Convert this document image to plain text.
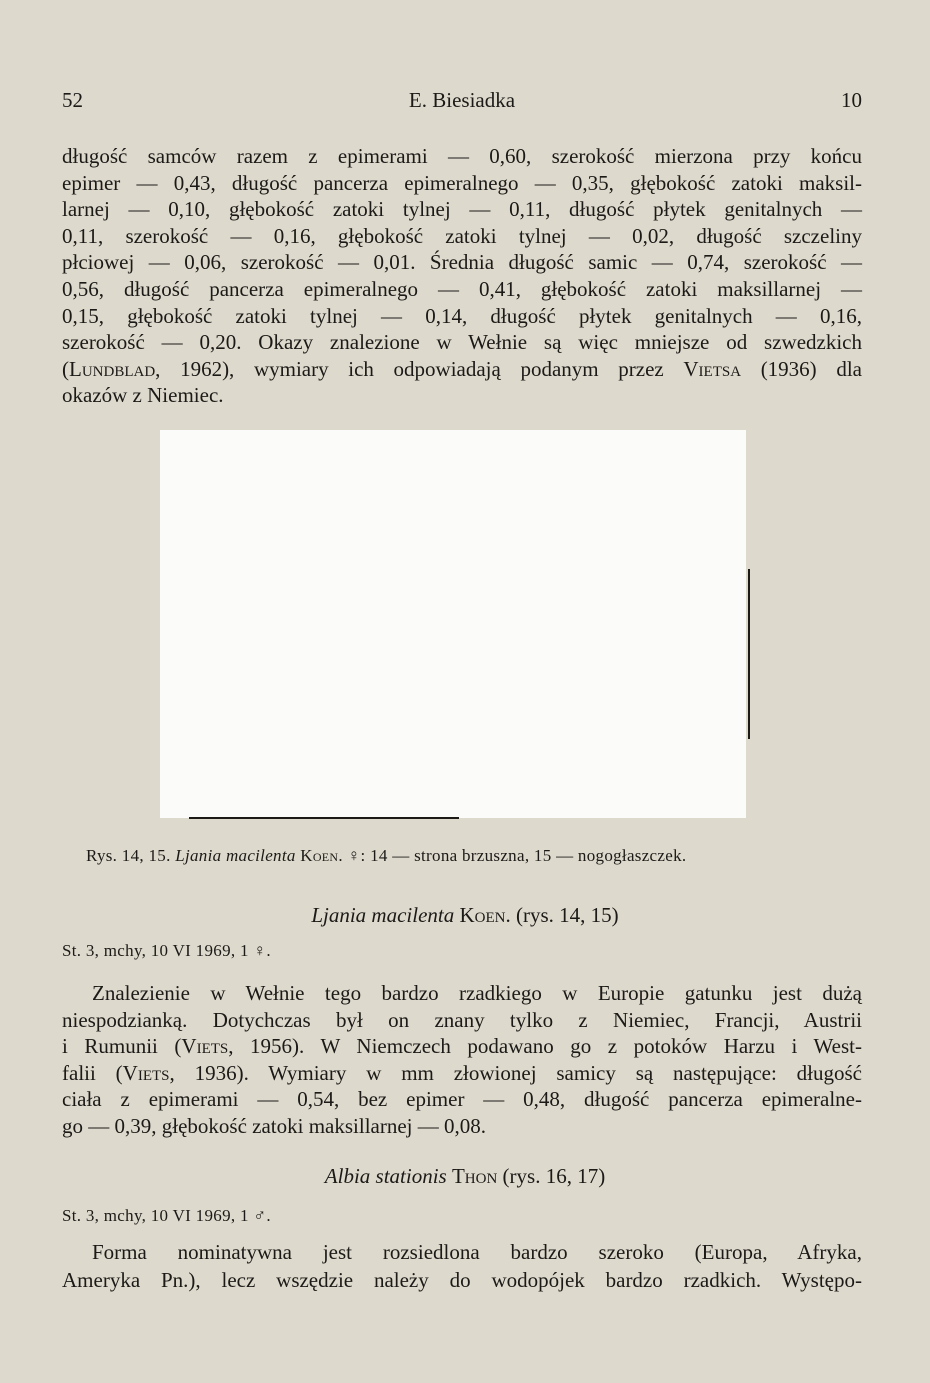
52	E. Biesiadka	10
długość samców razem z epimerami — 0,60, szerokość mierzona przy końcu
epimer — 0,43, długość pancerza epimeralnego — 0,35, głębokość zatoki maksil-
larnej — 0,10, głębokość zatoki tylnej — 0,11, długość płytek genitalnych —
0,11, szerokość — 0,16, głębokość zatoki tylnej — 0,02, długość szczeliny
płciowej — 0,06, szerokość — 0,01. Średnia długość samic — 0,74, szerokość —
0,56, długość pancerza epimeralnego — 0,41, głębokość zatoki maksillarnej —
0,15, głębokość zatoki tylnej — 0,14, długość płytek genitalnych — 0,16,
szerokość — 0,20. Okazy znalezione w Wełnie są więc mniejsze od szwedzkich
(Lundblad, 1962), wymiary ich odpowiadają podanym przez Vietsa (1936) dla
okazów z Niemiec.
Rys. 14, 15. Ljania macilenta Koen. ♀: 14 — strona brzuszna, 15 — nogogłaszczek.
Ljania macilenta Koen. (rys. 14, 15)
St. 3, mchy, 10 VI 1969, 1 ♀.
Znalezienie w Wełnie tego bardzo rzadkiego w Europie gatunku jest dużą
niespodzianką. Dotychczas był on znany tylko z Niemiec, Francji, Austrii
i Rumunii (Viets, 1956). W Niemczech podawano go z potoków Harzu i West-
falii (Viets, 1936). Wymiary w mm złowionej samicy są następujące: długość
ciała z epimerami — 0,54, bez epimer — 0,48, długość pancerza epimeralne-
go — 0,39, głębokość zatoki maksillarnej — 0,08.
Albia stationis Thon (rys. 16, 17)
St. 3, mchy, 10 VI 1969, 1 ♂.
Forma nominatywna jest rozsiedlona bardzo szeroko (Europa, Afryka,
Ameryka Pn.), lecz wszędzie należy do wodopójek bardzo rzadkich. Występo-
